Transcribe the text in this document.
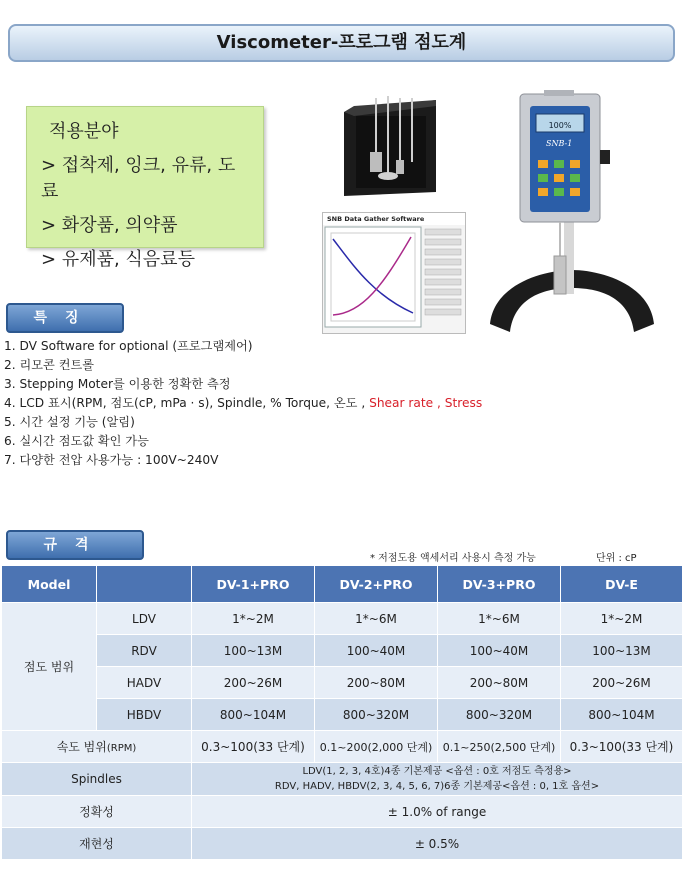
Viscometer-프로그램 점도계
적용분야
> 접착제, 잉크, 유류, 도료
> 화장품, 의약품
> 유제품, 식음료등
SNB Data Gather Software
100%
SNB-1
특징
1. DV Software for optional (프로그램제어)
2. 리모콘 컨트롤
3. Stepping Moter를 이용한 정확한 측정
4. LCD 표시(RPM, 점도(cP, mPa · s), Spindle, % Torque, 온도 , Shear rate , Stress
5. 시간 설정 기능 (알림)
6. 실시간 점도값 확인 가능
7. 다양한 전압 사용가능 : 100V~240V
규격
* 저점도용 액세서리 사용시 측정 가능	단위 : cP
Model		DV-1+PRO	DV-2+PRO	DV-3+PRO	DV-E
점도 범위	LDV	1*~2M	1*~6M	1*~6M	1*~2M
	RDV	100~13M	100~40M	100~40M	100~13M
	HADV	200~26M	200~80M	200~80M	200~26M
	HBDV	800~104M	800~320M	800~320M	800~104M
속도 범위(RPM)		0.3~100(33 단계)	0.1~200(2,000 단계)	0.1~250(2,500 단계)	0.3~100(33 단계)
Spindles		LDV(1, 2, 3, 4호)4종 기본제공 <옵션 : 0호 저점도 측정용>
RDV, HADV, HBDV(2, 3, 4, 5, 6, 7)6종 기본제공<옵션 : 0, 1호 옵션>			

정확성		± 1.0% of range			
재현성		± 0.5%			
